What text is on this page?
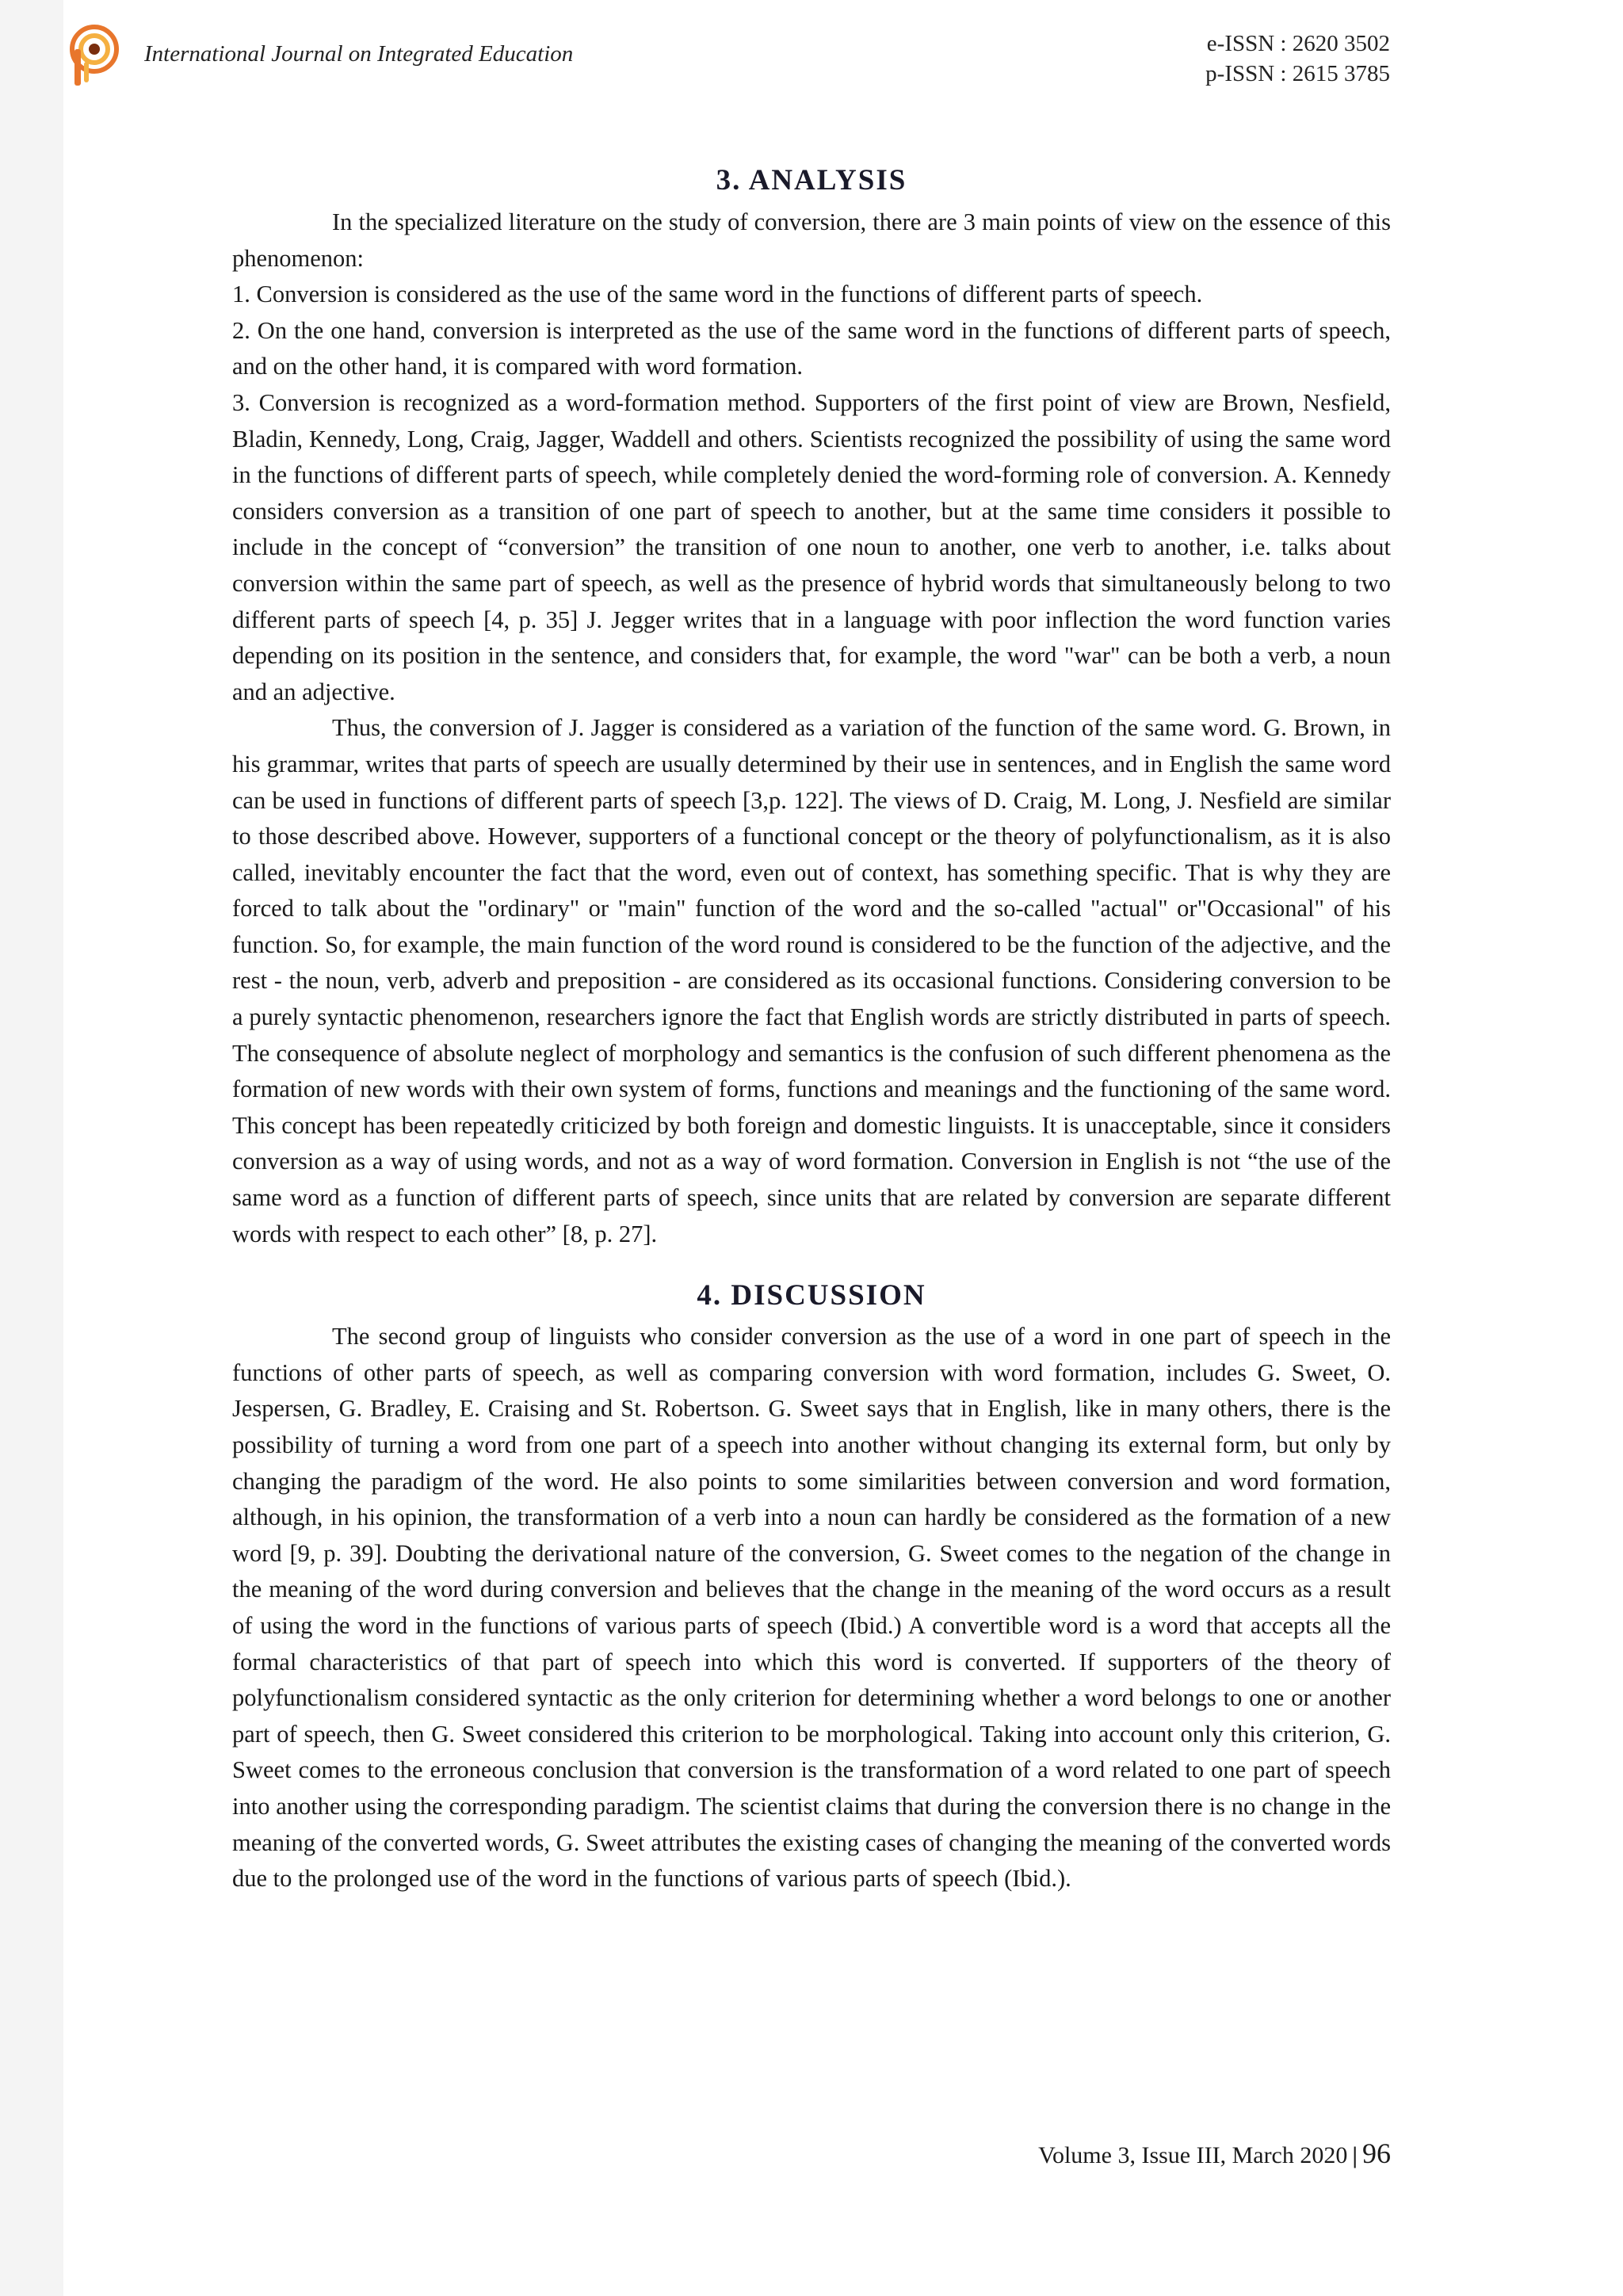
International Journal on Integrated Education	e-ISSN : 2620 3502
p-ISSN : 2615 3785
3. ANALYSIS

In the specialized literature on the study of conversion, there are 3 main points of view on the essence of this phenomenon:

1. Conversion is considered as the use of the same word in the functions of different parts of speech.

2. On the one hand, conversion is interpreted as the use of the same word in the functions of different parts of speech, and on the other hand, it is compared with word formation.

3. Conversion is recognized as a word-formation method. Supporters of the first point of view are Brown, Nesfield, Bladin, Kennedy, Long, Craig, Jagger, Waddell and others. Scientists recognized the possibility of using the same word in the functions of different parts of speech, while completely denied the word-forming role of conversion. A. Kennedy considers conversion as a transition of one part of speech to another, but at the same time considers it possible to include in the concept of “conversion” the transition of one noun to another, one verb to another, i.e. talks about conversion within the same part of speech, as well as the presence of hybrid words that simultaneously belong to two different parts of speech [4, p. 35] J. Jegger writes that in a language with poor inflection the word function varies depending on its position in the sentence, and considers that, for example, the word "war" can be both a verb, a noun and an adjective.

Thus, the conversion of J. Jagger is considered as a variation of the function of the same word. G. Brown, in his grammar, writes that parts of speech are usually determined by their use in sentences, and in English the same word can be used in functions of different parts of speech [3,p. 122]. The views of D. Craig, M. Long, J. Nesfield are similar to those described above. However, supporters of a functional concept or the theory of polyfunctionalism, as it is also called, inevitably encounter the fact that the word, even out of context, has something specific. That is why they are forced to talk about the "ordinary" or "main" function of the word and the so-called "actual" or"Occasional" of his function. So, for example, the main function of the word round is considered to be the function of the adjective, and the rest - the noun, verb, adverb and preposition - are considered as its occasional functions. Considering conversion to be a purely syntactic phenomenon, researchers ignore the fact that English words are strictly distributed in parts of speech. The consequence of absolute neglect of morphology and semantics is the confusion of such different phenomena as the formation of new words with their own system of forms, functions and meanings and the functioning of the same word. This concept has been repeatedly criticized by both foreign and domestic linguists. It is unacceptable, since it considers conversion as a way of using words, and not as a way of word formation. Conversion in English is not “the use of the same word as a function of different parts of speech, since units that are related by conversion are separate different words with respect to each other” [8, p. 27].

4. DISCUSSION

The second group of linguists who consider conversion as the use of a word in one part of speech in the functions of other parts of speech, as well as comparing conversion with word formation, includes G. Sweet, O. Jespersen, G. Bradley, E. Craising and St. Robertson. G. Sweet says that in English, like in many others, there is the possibility of turning a word from one part of a speech into another without changing its external form, but only by changing the paradigm of the word. He also points to some similarities between conversion and word formation, although, in his opinion, the transformation of a verb into a noun can hardly be considered as the formation of a new word [9, p. 39]. Doubting the derivational nature of the conversion, G. Sweet comes to the negation of the change in the meaning of the word during conversion and believes that the change in the meaning of the word occurs as a result of using the word in the functions of various parts of speech (Ibid.) A convertible word is a word that accepts all the formal characteristics of that part of speech into which this word is converted. If supporters of the theory of polyfunctionalism considered syntactic as the only criterion for determining whether a word belongs to one or another part of speech, then G. Sweet considered this criterion to be morphological. Taking into account only this criterion, G. Sweet comes to the erroneous conclusion that conversion is the transformation of a word related to one part of speech into another using the corresponding paradigm. The scientist claims that during the conversion there is no change in the meaning of the converted words, G. Sweet attributes the existing cases of changing the meaning of the converted words due to the prolonged use of the word in the functions of various parts of speech (Ibid.).

Volume 3, Issue III, March 2020 | 96
